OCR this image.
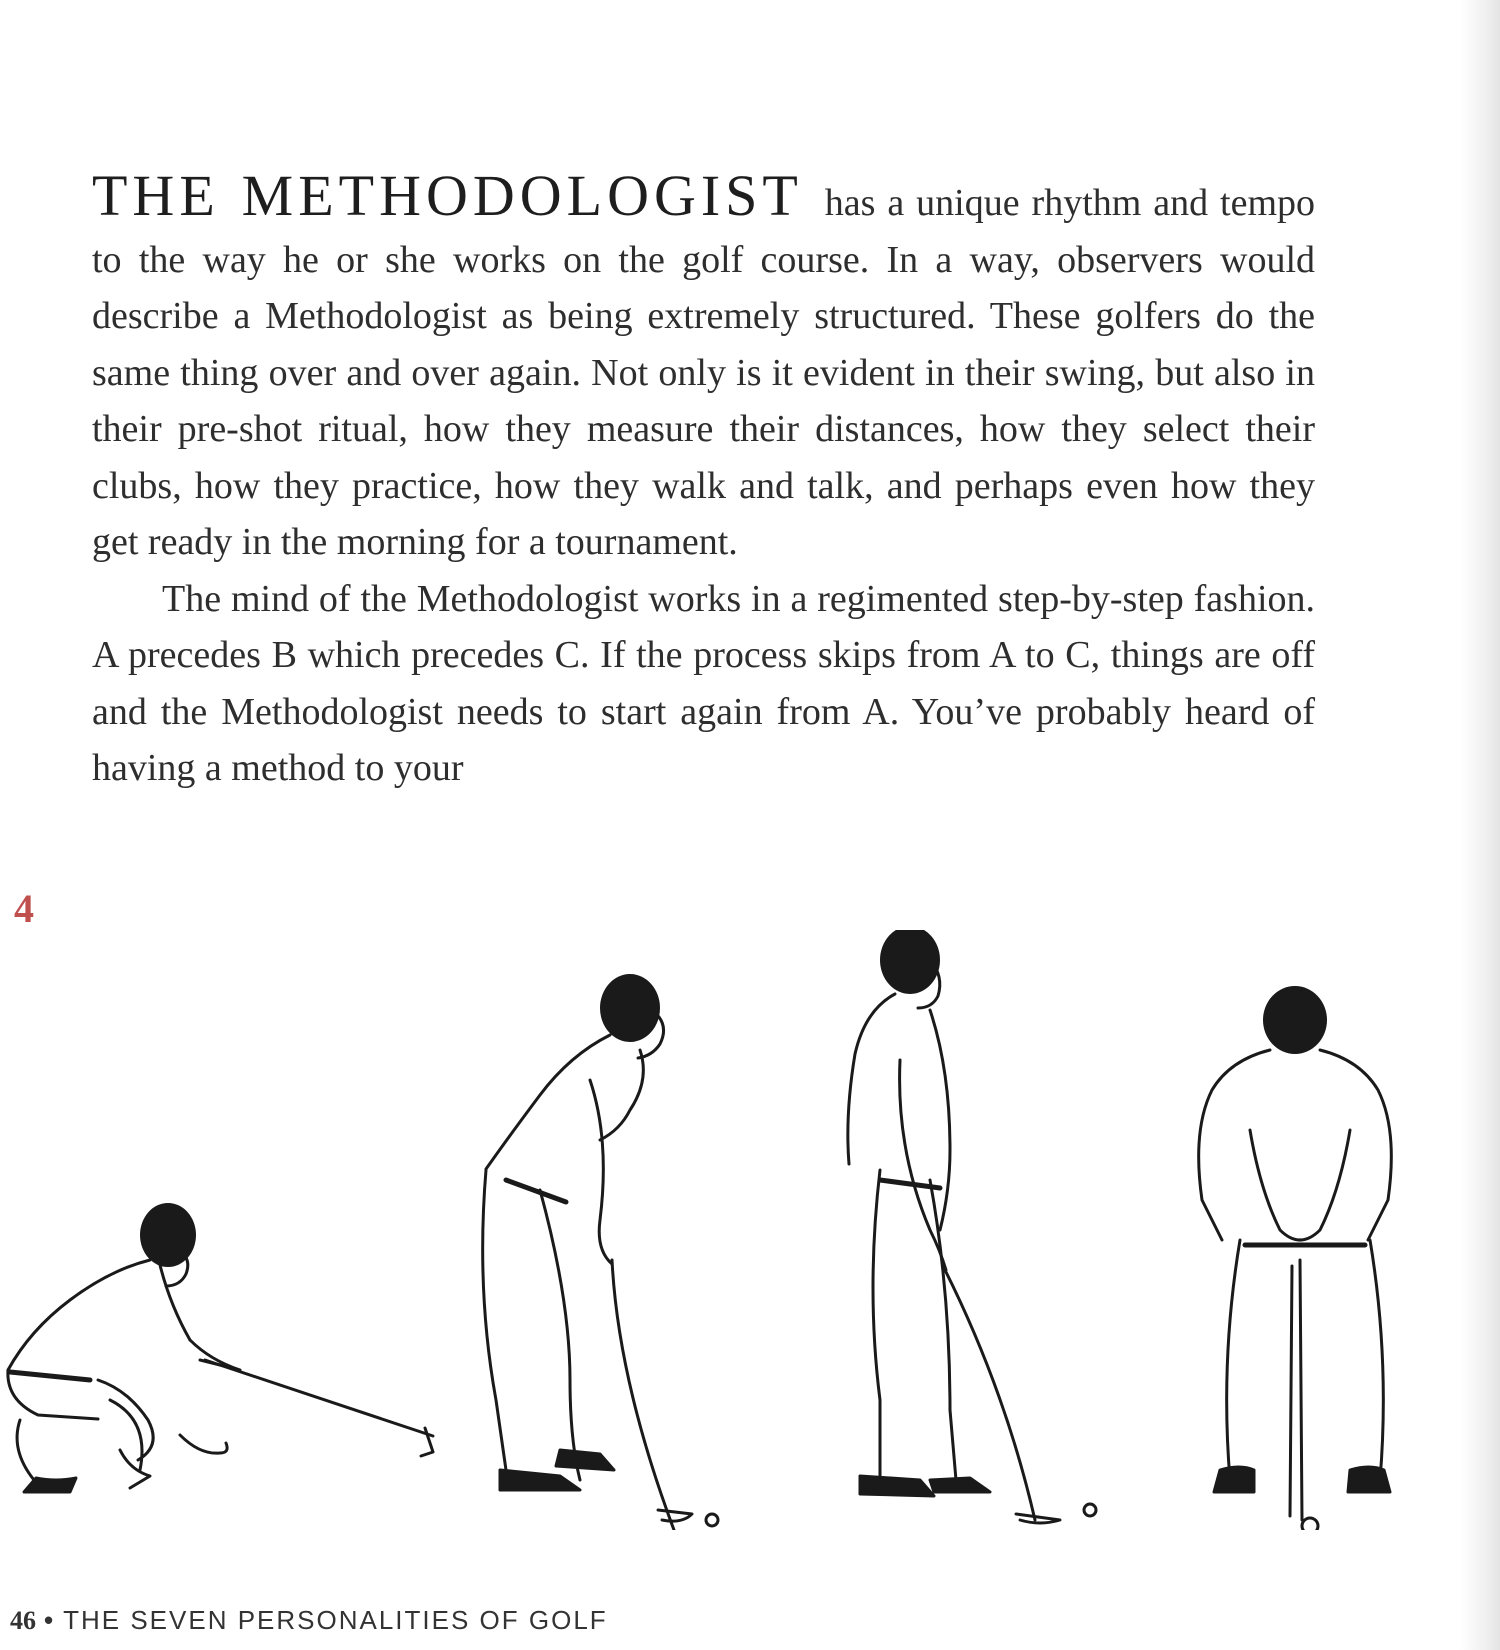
THE METHODOLOGIST has a unique rhythm and tempo to the way he or she works on the golf course. In a way, observers would describe a Methodologist as being extremely structured. These golfers do the same thing over and over again. Not only is it evident in their swing, but also in their pre-shot ritual, how they measure their distances, how they select their clubs, how they practice, how they walk and talk, and perhaps even how they get ready in the morning for a tournament.

The mind of the Methodologist works in a regimented step-by-step fashion. A precedes B which precedes C. If the process skips from A to C, things are off and the Methodologist needs to start again from A. You’ve probably heard of having a method to your

4
46 • THE SEVEN PERSONALITIES OF GOLF
